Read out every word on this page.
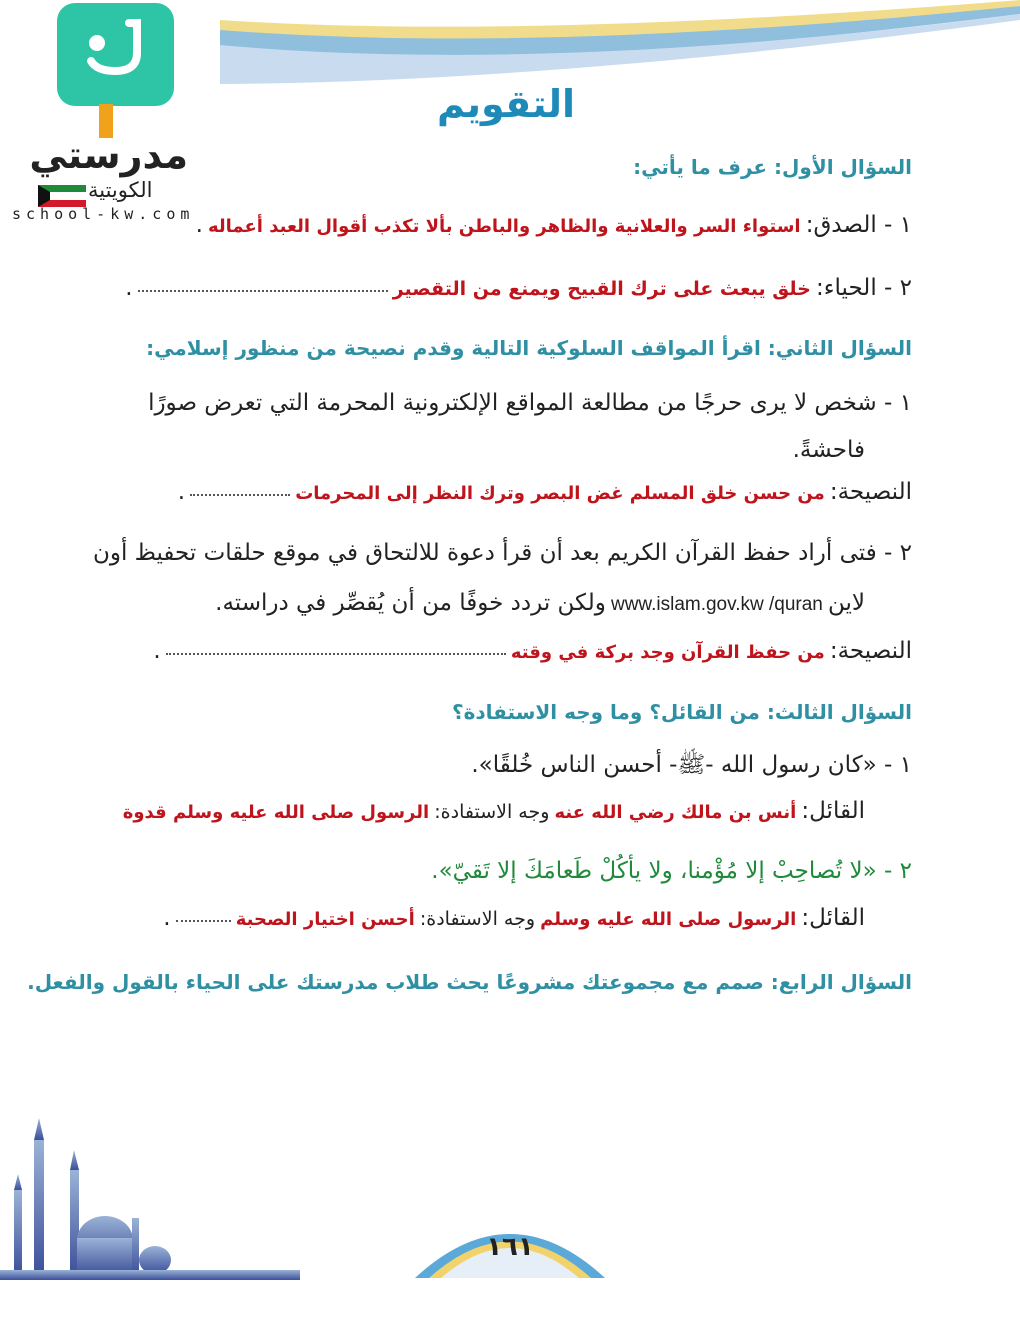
مدرستي
الكويتية
school-kw.com
التقويم
السؤال الأول: عرف ما يأتي:
١ - الصدق: استواء السر والعلانية والظاهر والباطن بألا تكذب أقوال العبد أعماله .
٢ - الحياء: خلق يبعث على ترك القبيح ويمنع من التقصير  .
السؤال الثاني: اقرأ المواقف السلوكية التالية وقدم نصيحة من منظور إسلامي:
١ - شخص لا يرى حرجًا من مطالعة المواقع الإلكترونية المحرمة التي تعرض صورًا
فاحشةً.
النصيحة: من حسن خلق المسلم غض البصر وترك النظر إلى المحرمات  .
٢ - فتى أراد حفظ القرآن الكريم بعد أن قرأ دعوة للالتحاق في موقع حلقات تحفيظ أون
لاين www.islam.gov.kw /quran ولكن تردد خوفًا من أن يُقصِّر في دراسته.
النصيحة: من حفظ القرآن وجد بركة في وقته  .
السؤال الثالث: من القائل؟ وما وجه الاستفادة؟
١ - «كان رسول الله -ﷺ- أحسن الناس خُلقًا».
القائل: أنس بن مالك رضي الله عنه وجه الاستفادة: الرسول صلى الله عليه وسلم قدوة
٢ - «لا تُصاحِبْ إلا مُؤْمنا، ولا يأكُلْ طَعامَكَ إلا تَقيّ».
القائل: الرسول صلى الله عليه وسلم وجه الاستفادة: أحسن اختيار الصحبة  .
السؤال الرابع: صمم مع مجموعتك مشروعًا يحث طلاب مدرستك على الحياء بالقول والفعل.
١٦١
